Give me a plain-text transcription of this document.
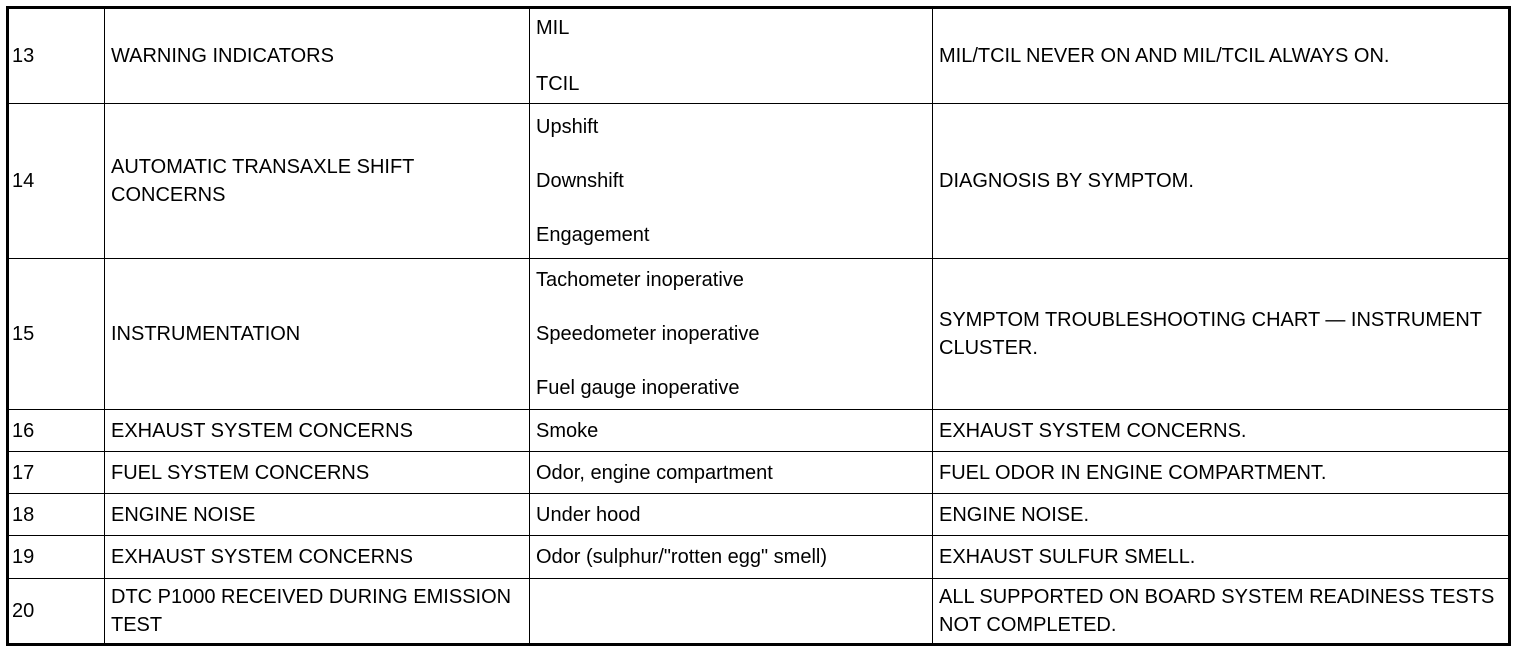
13	WARNING INDICATORS	MIL
TCIL	MIL/TCIL NEVER ON AND MIL/TCIL ALWAYS ON.
14	AUTOMATIC TRANSAXLE SHIFT CONCERNS	Upshift
Downshift
Engagement	DIAGNOSIS BY SYMPTOM.
15	INSTRUMENTATION	Tachometer inoperative
Speedometer inoperative
Fuel gauge inoperative	SYMPTOM TROUBLESHOOTING CHART — INSTRUMENT CLUSTER.
16	EXHAUST SYSTEM CONCERNS	Smoke	EXHAUST SYSTEM CONCERNS.
17	FUEL SYSTEM CONCERNS	Odor, engine compartment	FUEL ODOR IN ENGINE COMPARTMENT.
18	ENGINE NOISE	Under hood	ENGINE NOISE.
19	EXHAUST SYSTEM CONCERNS	Odor (sulphur/"rotten egg" smell)	EXHAUST SULFUR SMELL.
20	DTC P1000 RECEIVED DURING EMISSION TEST		ALL SUPPORTED ON BOARD SYSTEM READINESS TESTS NOT COMPLETED.
